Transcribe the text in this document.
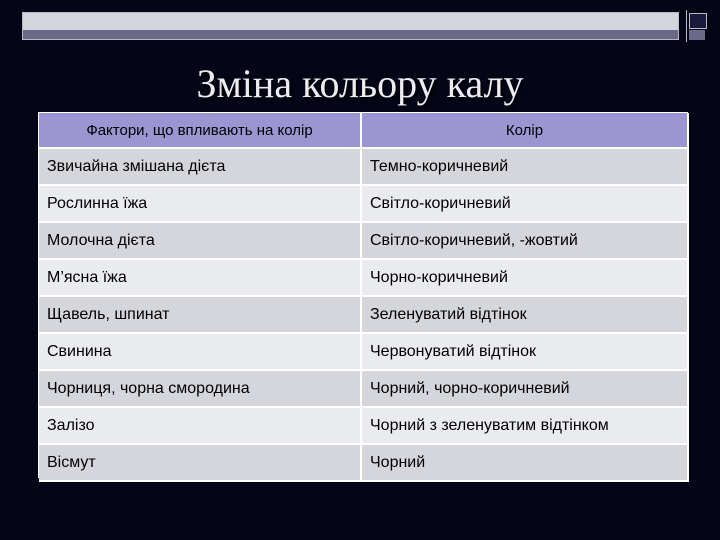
Зміна кольору калу
Фактори, що впливають на колір	Колір
Звичайна змішана дієта	Темно-коричневий
Рослинна їжа	Світло-коричневий
Молочна дієта	Світло-коричневий, -жовтий
М’ясна їжа	Чорно-коричневий
Щавель, шпинат	Зеленуватий відтінок
Свинина	Червонуватий відтінок
Чорниця, чорна смородина	Чорний, чорно-коричневий
Залізо	Чорний з зеленуватим відтінком
Вісмут	Чорний
